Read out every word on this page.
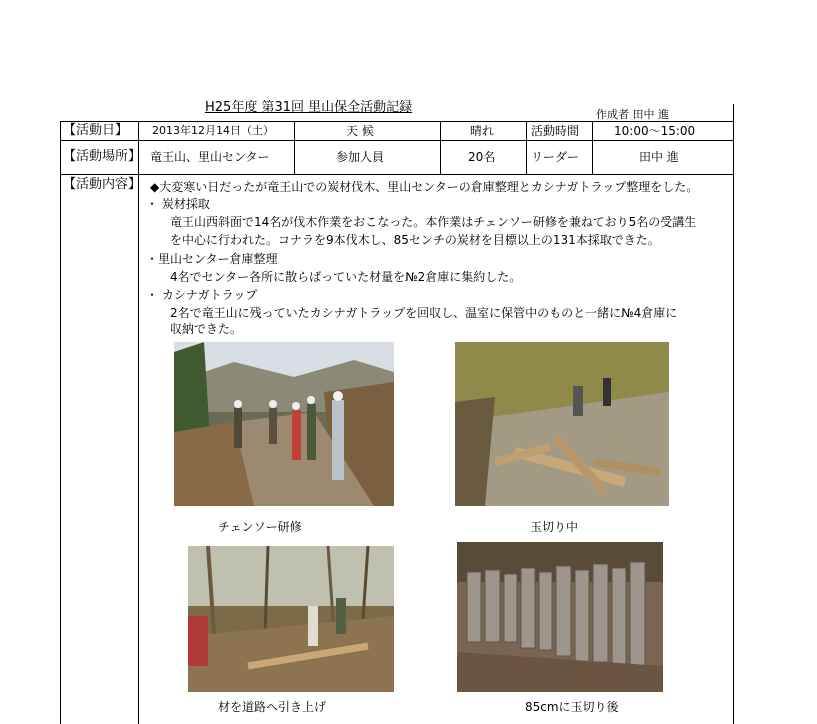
H25年度 第31回 里山保全活動記録	作成者 田中 進
【活動日】 2013年12月14日（土）	天 候	晴れ	活動時間	10:00〜15:00
【活動場所】 竜王山、里山センター	参加人員	20名	リーダー	田中 進
【活動内容】 ◆大変寒い日だったが竜王山での炭材伐木、里山センターの倉庫整理とカシナガトラップ整理をした。
・ 炭材採取
竜王山西斜面で14名が伐木作業をおこなった。本作業はチェンソー研修を兼ねており5名の受講生
を中心に行われた。コナラを9本伐木し、85センチの炭材を目標以上の131本採取できた。
・里山センター倉庫整理
4名でセンター各所に散らばっていた材量を№2倉庫に集約した。
・ カシナガトラップ
2名で竜王山に残っていたカシナガトラップを回収し、温室に保管中のものと一緒に№4倉庫に
収納できた。
チェンソー研修	玉切り中
材を道路へ引き上げ	85cmに玉切り後
